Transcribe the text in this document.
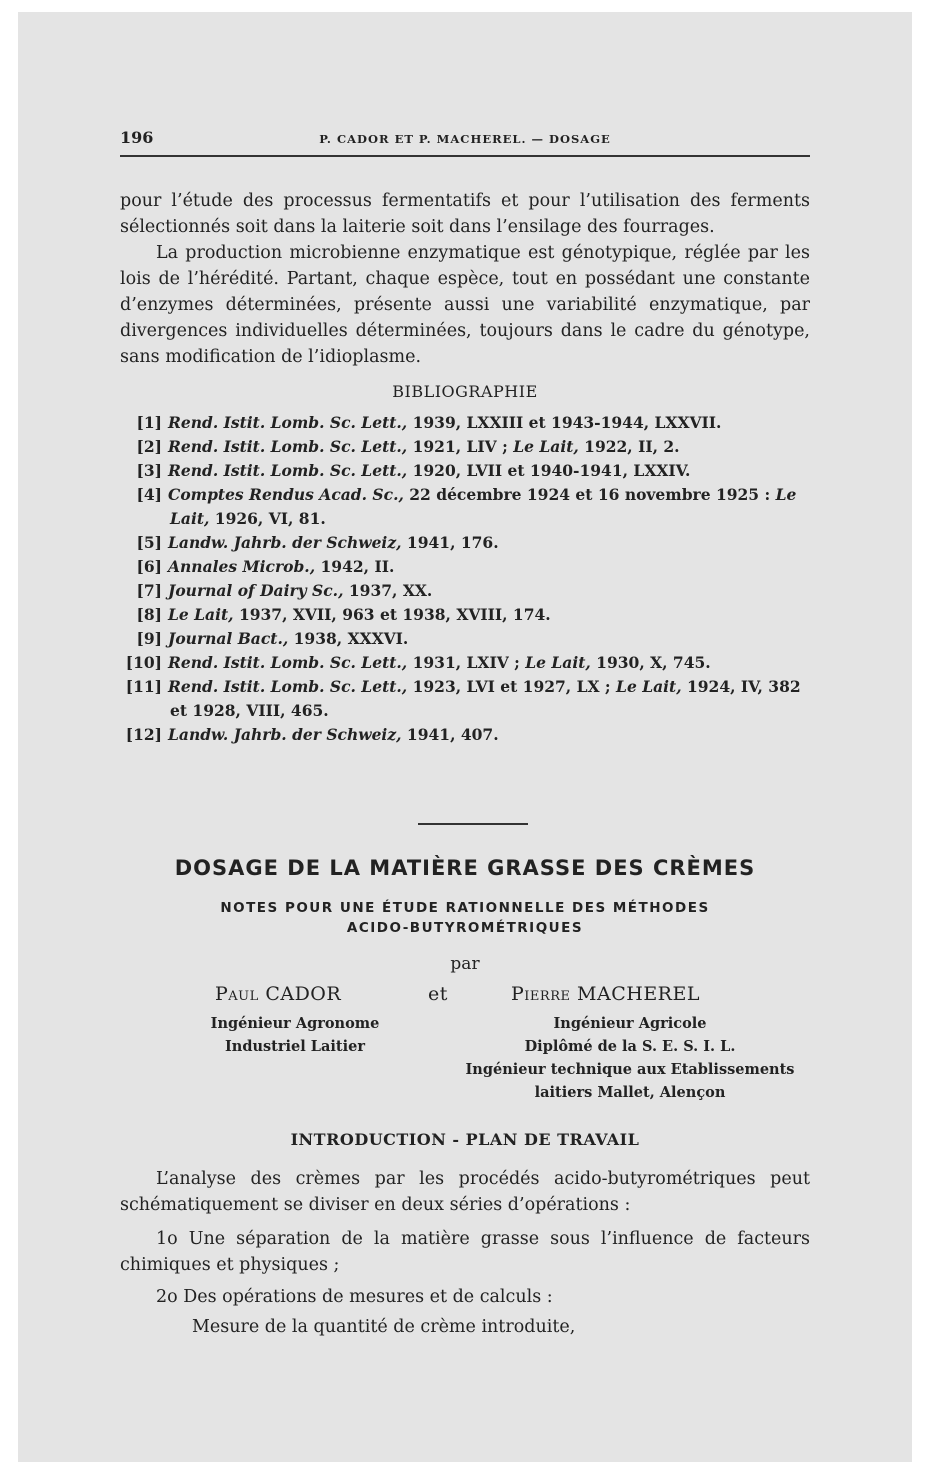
196	P. CADOR ET P. MACHEREL. — DOSAGE

pour l’étude des processus fermentatifs et pour l’utilisation des ferments sélectionnés soit dans la laiterie soit dans l’ensilage des fourrages.

La production microbienne enzymatique est génotypique, réglée par les lois de l’hérédité. Partant, chaque espèce, tout en possédant une constante d’enzymes déterminées, présente aussi une variabilité enzymatique, par divergences individuelles déterminées, toujours dans le cadre du génotype, sans modification de l’idioplasme.

BIBLIOGRAPHIE
[1] Rend. Istit. Lomb. Sc. Lett., 1939, LXXIII et 1943-1944, LXXVII.
[2] Rend. Istit. Lomb. Sc. Lett., 1921, LIV ; Le Lait, 1922, II, 2.
[3] Rend. Istit. Lomb. Sc. Lett., 1920, LVII et 1940-1941, LXXIV.
[4] Comptes Rendus Acad. Sc., 22 décembre 1924 et 16 novembre 1925 : Le Lait, 1926, VI, 81.
[5] Landw. Jahrb. der Schweiz, 1941, 176.
[6] Annales Microb., 1942, II.
[7] Journal of Dairy Sc., 1937, XX.
[8] Le Lait, 1937, XVII, 963 et 1938, XVIII, 174.
[9] Journal Bact., 1938, XXXVI.
[10] Rend. Istit. Lomb. Sc. Lett., 1931, LXIV ; Le Lait, 1930, X, 745.
[11] Rend. Istit. Lomb. Sc. Lett., 1923, LVI et 1927, LX ; Le Lait, 1924, IV, 382 et 1928, VIII, 465.
[12] Landw. Jahrb. der Schweiz, 1941, 407.
DOSAGE DE LA MATIÈRE GRASSE DES CRÈMES
NOTES POUR UNE ÉTUDE RATIONNELLE DES MÉTHODES
ACIDO-BUTYROMÉTRIQUES
par
Paul CADOR	et	Pierre MACHEREL
Ingénieur Agronome
Industriel Laitier
Ingénieur Agricole
Diplômé de la S. E. S. I. L.
Ingénieur technique aux Etablissements
laitiers Mallet, Alençon
INTRODUCTION - PLAN DE TRAVAIL

L’analyse des crèmes par les procédés acido-butyrométriques peut schématiquement se diviser en deux séries d’opérations :

1o Une séparation de la matière grasse sous l’influence de facteurs chimiques et physiques ;

2o Des opérations de mesures et de calculs :

Mesure de la quantité de crème introduite,
